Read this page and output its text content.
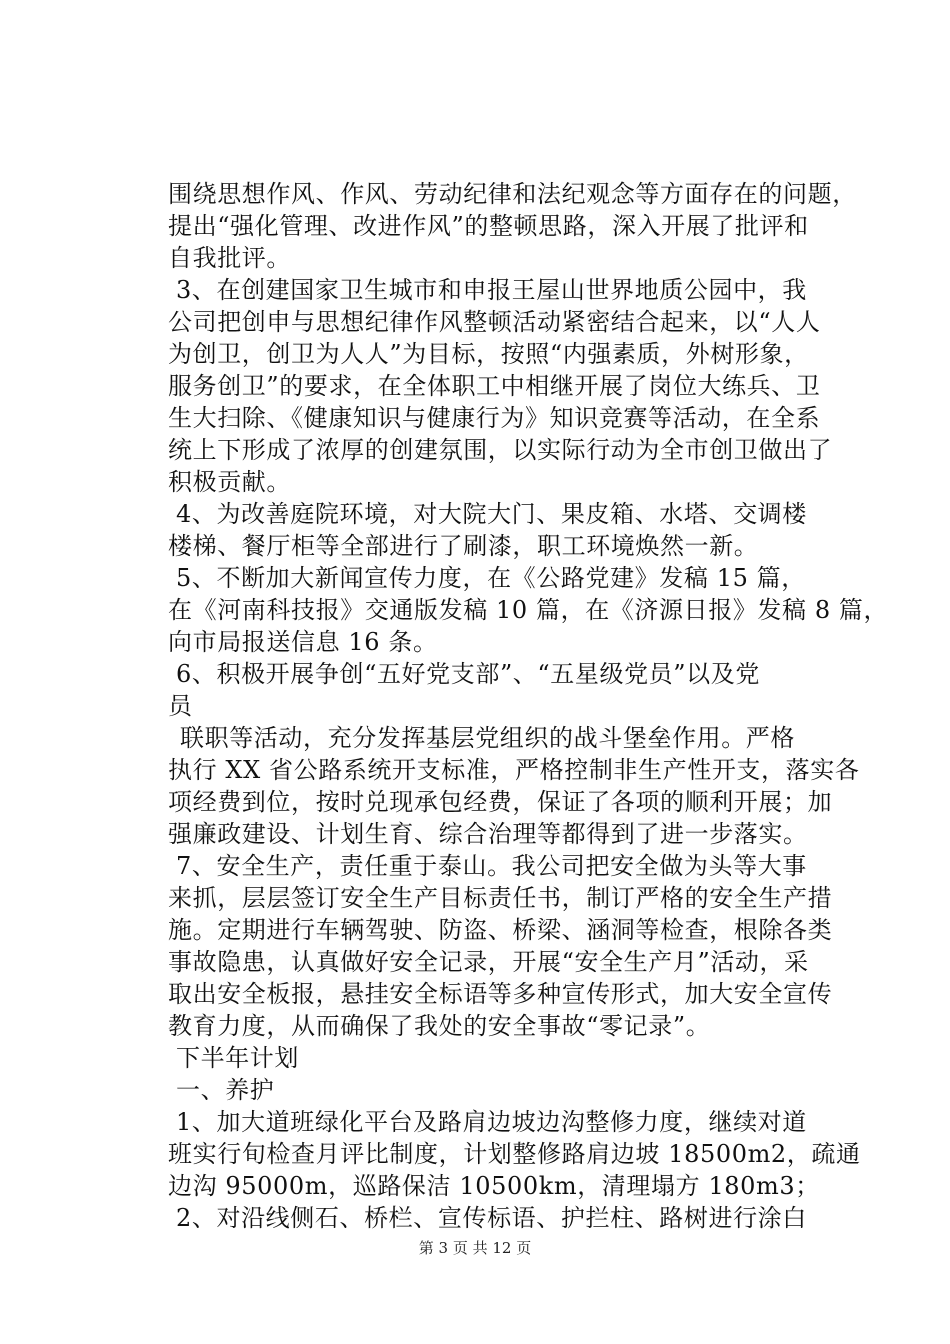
围绕思想作风、作风、劳动纪律和法纪观念等方面存在的问题，
提出“强化管理、改进作风”的整顿思路，深入开展了批评和
自我批评。
3、在创建国家卫生城市和申报王屋山世界地质公园中，我
公司把创申与思想纪律作风整顿活动紧密结合起来，以“人人
为创卫，创卫为人人”为目标，按照“内强素质，外树形象，
服务创卫”的要求，在全体职工中相继开展了岗位大练兵、卫
生大扫除、《健康知识与健康行为》知识竞赛等活动，在全系
统上下形成了浓厚的创建氛围，以实际行动为全市创卫做出了
积极贡献。
4、为改善庭院环境，对大院大门、果皮箱、水塔、交调楼
楼梯、餐厅柜等全部进行了刷漆，职工环境焕然一新。
5、不断加大新闻宣传力度，在《公路党建》发稿 15 篇，
在《河南科技报》交通版发稿 10 篇，在《济源日报》发稿 8 篇，
向市局报送信息 16 条。
6、积极开展争创“五好党支部”、“五星级党员”以及党
员
联职等活动，充分发挥基层党组织的战斗堡垒作用。严格
执行 XX 省公路系统开支标准，严格控制非生产性开支，落实各
项经费到位，按时兑现承包经费，保证了各项的顺利开展；加
强廉政建设、计划生育、综合治理等都得到了进一步落实。
7、安全生产，责任重于泰山。我公司把安全做为头等大事
来抓，层层签订安全生产目标责任书，制订严格的安全生产措
施。定期进行车辆驾驶、防盗、桥梁、涵洞等检查，根除各类
事故隐患，认真做好安全记录，开展“安全生产月”活动，采
取出安全板报，悬挂安全标语等多种宣传形式，加大安全宣传
教育力度，从而确保了我处的安全事故“零记录”。
下半年计划
一、养护
1、加大道班绿化平台及路肩边坡边沟整修力度，继续对道
班实行旬检查月评比制度，计划整修路肩边坡 18500m2，疏通
边沟 95000m，巡路保洁 10500km，清理塌方 180m3；
2、对沿线侧石、桥栏、宣传标语、护拦柱、路树进行涂白
第 3 页 共 12 页
